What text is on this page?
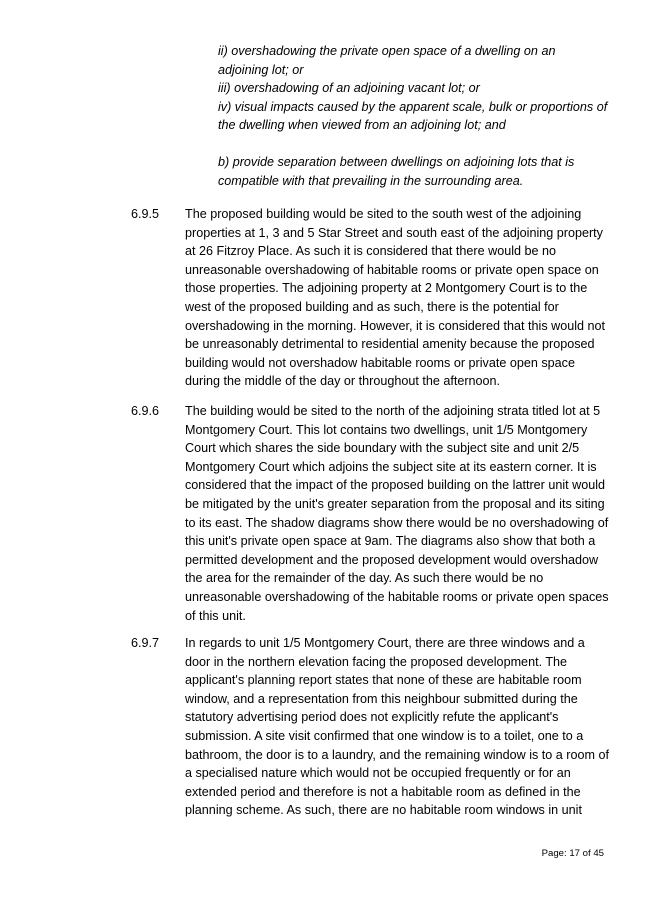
ii) overshadowing the private open space of a dwelling on an adjoining lot; or

iii) overshadowing of an adjoining vacant lot; or

iv) visual impacts caused by the apparent scale, bulk or proportions of the dwelling when viewed from an adjoining lot; and

b) provide separation between dwellings on adjoining lots that is compatible with that prevailing in the surrounding area.

6.9.5	The proposed building would be sited to the south west of the adjoining properties at 1, 3 and 5 Star Street and south east of the adjoining property at 26 Fitzroy Place. As such it is considered that there would be no unreasonable overshadowing of habitable rooms or private open space on those properties. The adjoining property at 2 Montgomery Court is to the west of the proposed building and as such, there is the potential for overshadowing in the morning. However, it is considered that this would not be unreasonably detrimental to residential amenity because the proposed building would not overshadow habitable rooms or private open space during the middle of the day or throughout the afternoon.
6.9.6	The building would be sited to the north of the adjoining strata titled lot at 5 Montgomery Court. This lot contains two dwellings, unit 1/5 Montgomery Court which shares the side boundary with the subject site and unit 2/5 Montgomery Court which adjoins the subject site at its eastern corner. It is considered that the impact of the proposed building on the lattrer unit would be mitigated by the unit's greater separation from the proposal and its siting to its east. The shadow diagrams show there would be no overshadowing of this unit's private open space at 9am. The diagrams also show that both a permitted development and the proposed development would overshadow the area for the remainder of the day. As such there would be no unreasonable overshadowing of the habitable rooms or private open spaces of this unit.
6.9.7	In regards to unit 1/5 Montgomery Court, there are three windows and a door in the northern elevation facing the proposed development. The applicant's planning report states that none of these are habitable room window, and a representation from this neighbour submitted during the statutory advertising period does not explicitly refute the applicant's submission. A site visit confirmed that one window is to a toilet, one to a bathroom, the door is to a laundry, and the remaining window is to a room of a specialised nature which would not be occupied frequently or for an extended period and therefore is not a habitable room as defined in the planning scheme. As such, there are no habitable room windows in unit
Page: 17 of 45
